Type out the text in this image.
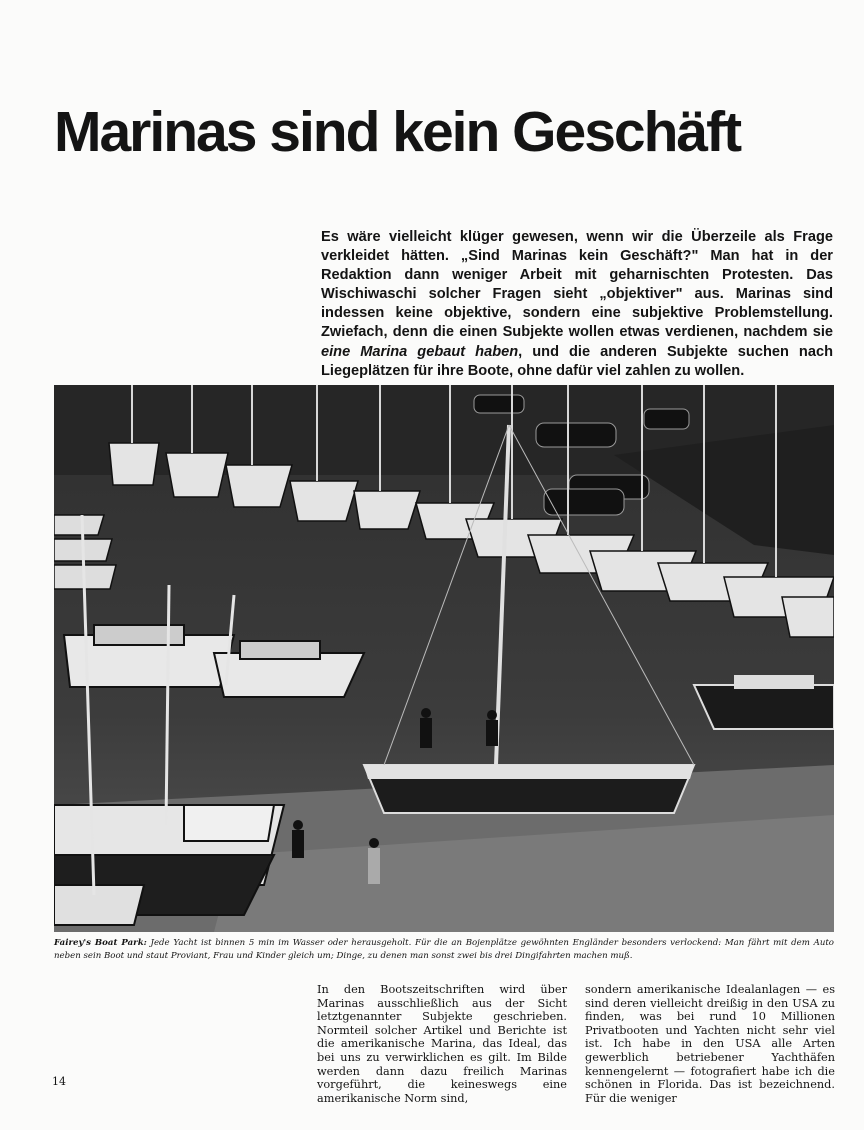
Marinas sind kein Geschäft

Es wäre vielleicht klüger gewesen, wenn wir die Überzeile als Frage verkleidet hätten. „Sind Marinas kein Geschäft?" Man hat in der Redaktion dann weniger Arbeit mit geharnischten Protesten. Das Wischiwaschi solcher Fragen sieht „objektiver" aus. Marinas sind indessen keine objektive, sondern eine subjektive Problemstellung. Zwiefach, denn die einen Subjekte wollen etwas verdienen, nachdem sie eine Marina gebaut haben, und die anderen Subjekte suchen nach Liegeplätzen für ihre Boote, ohne dafür viel zahlen zu wollen.

Fairey's Boat Park: Jede Yacht ist binnen 5 min im Wasser oder herausgeholt. Für die an Bojenplätze gewöhnten Engländer besonders verlockend: Man fährt mit dem Auto neben sein Boot und staut Proviant, Frau und Kinder gleich um; Dinge, zu denen man sonst zwei bis drei Dingifahrten machen muß.

In den Bootszeitschriften wird über Marinas ausschließlich aus der Sicht letztgenannter Subjekte geschrieben. Normteil solcher Artikel und Berichte ist die amerikanische Marina, das Ideal, das bei uns zu verwirklichen es gilt. Im Bilde werden dann dazu freilich Marinas vorgeführt, die keineswegs eine amerikanische Norm sind,

sondern amerikanische Idealanlagen — es sind deren vielleicht dreißig in den USA zu finden, was bei rund 10 Millionen Privatbooten und Yachten nicht sehr viel ist. Ich habe in den USA alle Arten gewerblich betriebener Yachthäfen kennengelernt — fotografiert habe ich die schönen in Florida. Das ist bezeichnend. Für die weniger

14
